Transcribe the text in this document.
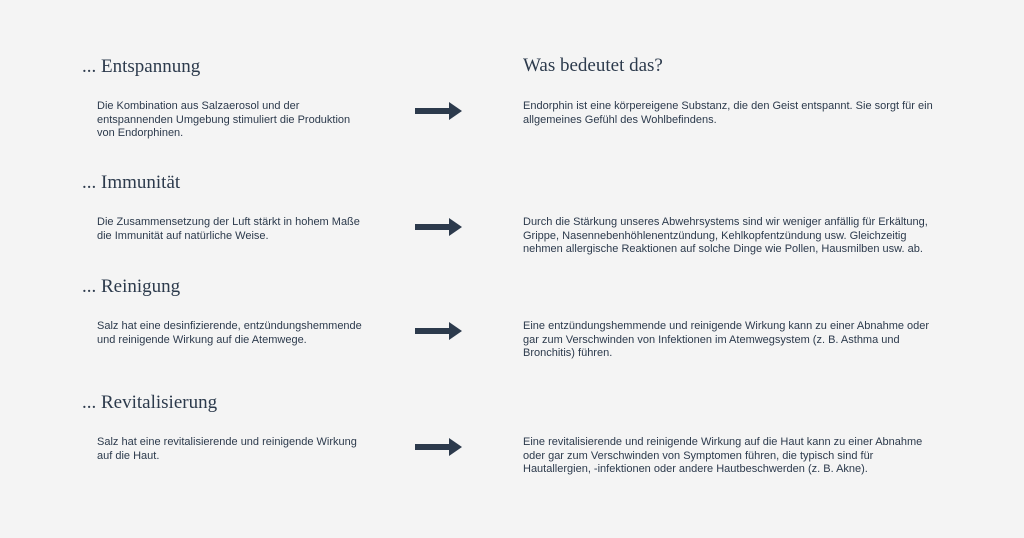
Was bedeutet das?
... Entspannung

Die Kombination aus Salzaerosol und der entspannenden Umgebung stimuliert die Produktion von Endorphinen.

Endorphin ist eine körpereigene Substanz, die den Geist entspannt. Sie sorgt für ein allgemeines Gefühl des Wohlbefindens.

... Immunität

Die Zusammensetzung der Luft stärkt in hohem Maße die Immunität auf natürliche Weise.

Durch die Stärkung unseres Abwehrsystems sind wir weniger anfällig für Erkältung, Grippe, Nasennebenhöhlenentzündung, Kehlkopfentzündung usw. Gleichzeitig nehmen allergische Reaktionen auf solche Dinge wie Pollen, Hausmilben usw. ab.

... Reinigung

Salz hat eine desinfizierende, entzündungshemmende und reinigende Wirkung auf die Atemwege.

Eine entzündungshemmende und reinigende Wirkung kann zu einer Abnahme oder gar zum Verschwinden von Infektionen im Atemwegsystem (z. B. Asthma und Bronchitis) führen.

... Revitalisierung

Salz hat eine revitalisierende und reinigende Wirkung auf die Haut.

Eine revitalisierende und reinigende Wirkung auf die Haut kann zu einer Abnahme oder gar zum Verschwinden von Symptomen führen, die typisch sind für Hautallergien, -infektionen oder andere Hautbeschwerden (z. B. Akne).
